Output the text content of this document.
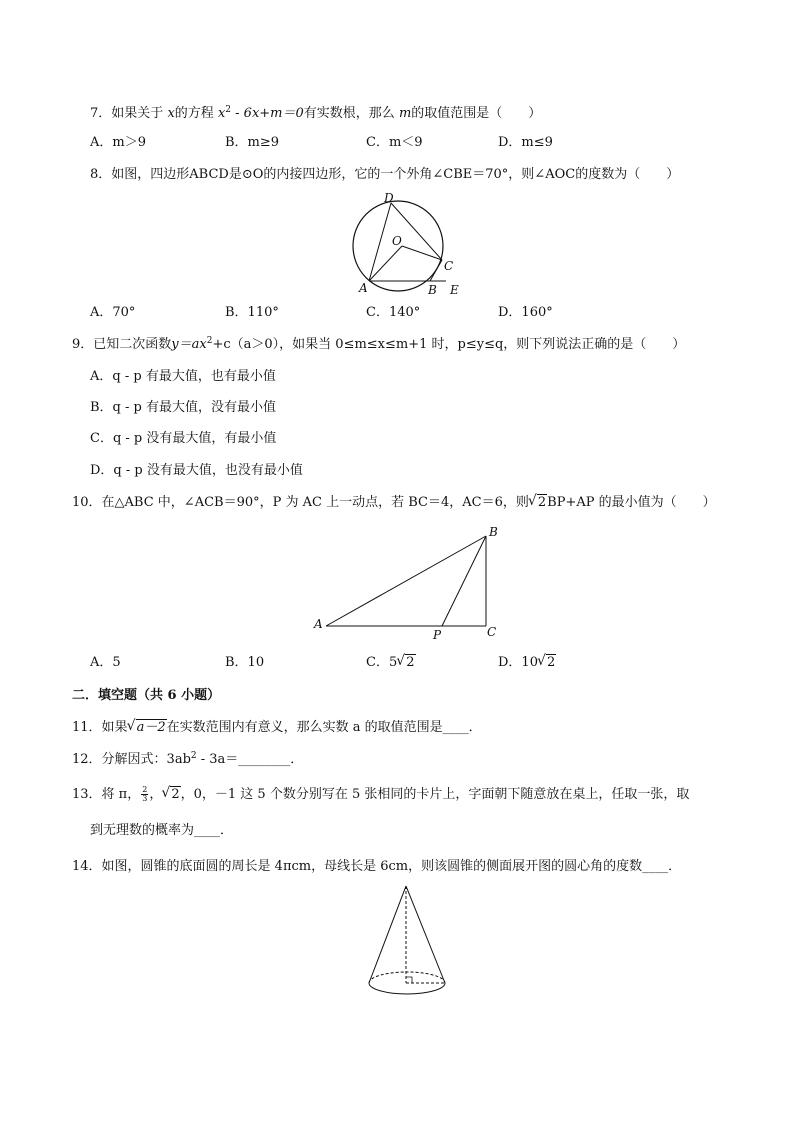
7．如果关于 x的方程 $x^2 - 6x+m=0$有实数根，那么 m的取值范围是（　　）
A．m＞9	B．m≥9	C．m＜9	D．m≤9
8．如图，四边形ABCD是⊙O的内接四边形，它的一个外角∠CBE＝70°，则∠AOC的度数为（　　）
D
O
C
A	B E
A．70°	B．110°	C．140°	D．160°
9．已知二次函数$y=ax^2+c(a>0)$，如果当 0≤m≤x≤m+1 时，p≤y≤q，则下列说法正确的是（　　）
A．q - p 有最大值，也有最小值
B．q - p 有最大值，没有最小值
C．q - p 没有最大值，有最小值
D．q - p 没有最大值，也没有最小值
10．在△ABC 中，∠ACB＝90°，P 为 AC 上一动点，若 BC＝4，AC＝6，则 √ 2BP+AP 的最小值为（　　）
A
B
C
P
A．5	B．10	C．5 √ 2	D．10 √ 2
二．填空题（共 6 小题）
11．如果 √ a－2在实数范围内有意义，那么实数 a 的取值范围是____．
12．分解因式：$3ab^2$ - 3a＝________．
13．将 π， $\frac{2}{3}$ ， √ 2，0，－1 这 5 个数分别写在 5 张相同的卡片上，字面朝下随意放在桌上，任取一张，取
到无理数的概率为____．
14．如图，圆锥的底面圆的周长是 4πcm，母线长是 6cm，则该圆锥的侧面展开图的圆心角的度数____．
